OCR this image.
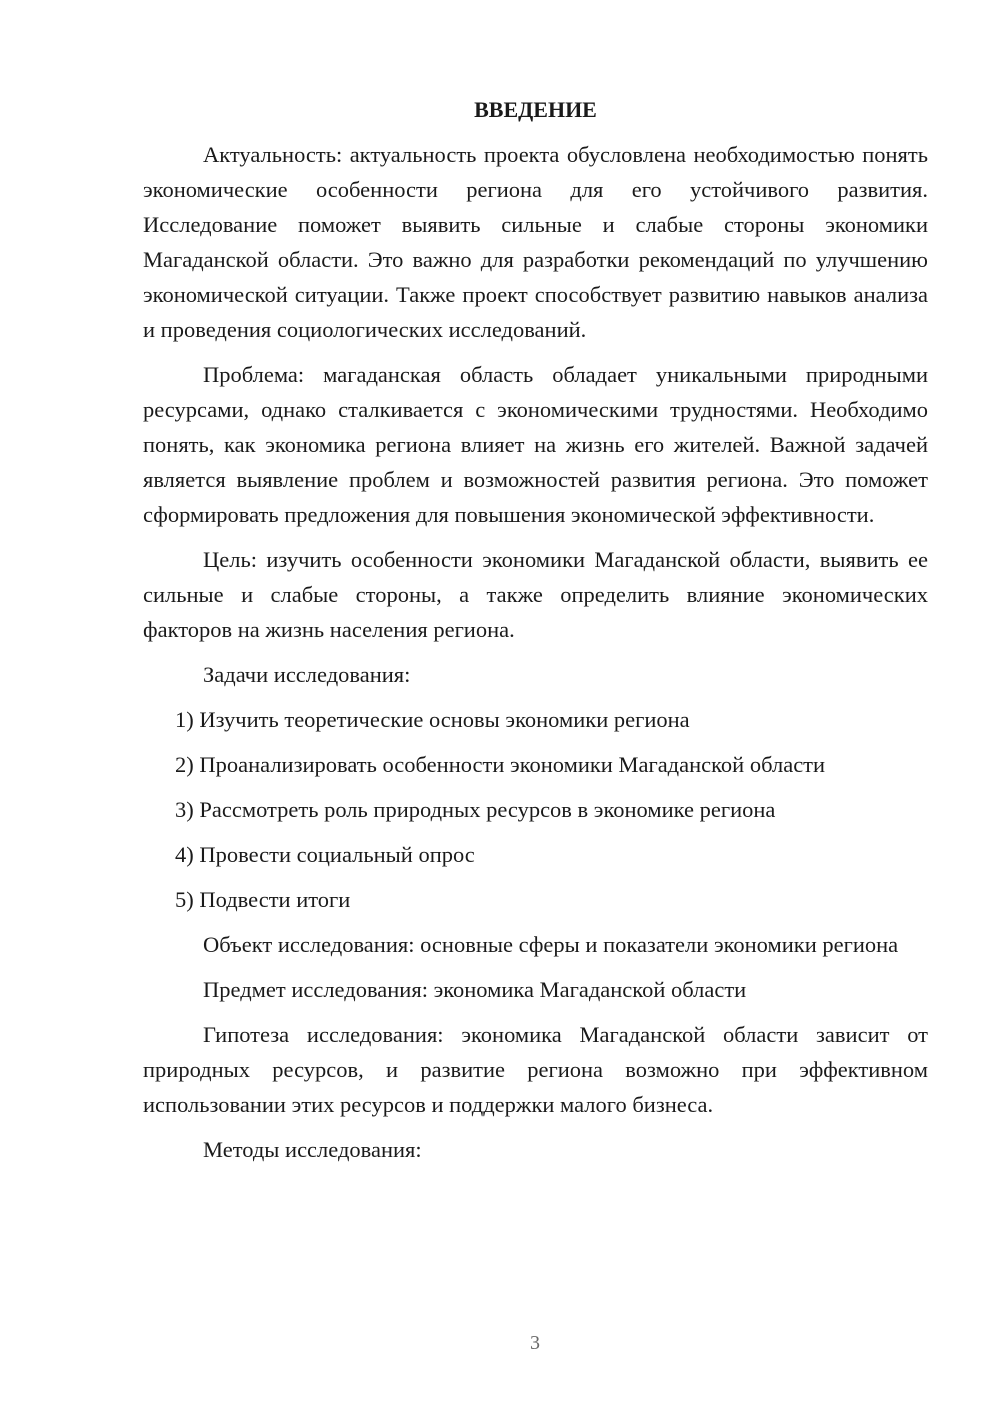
ВВЕДЕНИЕ

Актуальность: актуальность проекта обусловлена необходимостью понять экономические особенности региона для его устойчивого развития. Исследование поможет выявить сильные и слабые стороны экономики Магаданской области. Это важно для разработки рекомендаций по улучшению экономической ситуации. Также проект способствует развитию навыков анализа и проведения социологических исследований.

Проблема: магаданская область обладает уникальными природными ресурсами, однако сталкивается с экономическими трудностями. Необходимо понять, как экономика региона влияет на жизнь его жителей. Важной задачей является выявление проблем и возможностей развития региона. Это поможет сформировать предложения для повышения экономической эффективности.

Цель: изучить особенности экономики Магаданской области, выявить ее сильные и слабые стороны, а также определить влияние экономических факторов на жизнь населения региона.

Задачи исследования:

1) Изучить теоретические основы экономики региона

2) Проанализировать особенности экономики Магаданской области

3) Рассмотреть роль природных ресурсов в экономике региона

4) Провести социальный опрос

5) Подвести итоги

Объект исследования: основные сферы и показатели экономики региона

Предмет исследования: экономика Магаданской области

Гипотеза исследования: экономика Магаданской области зависит от природных ресурсов, и развитие региона возможно при эффективном использовании этих ресурсов и поддержки малого бизнеса.

Методы исследования:

3
